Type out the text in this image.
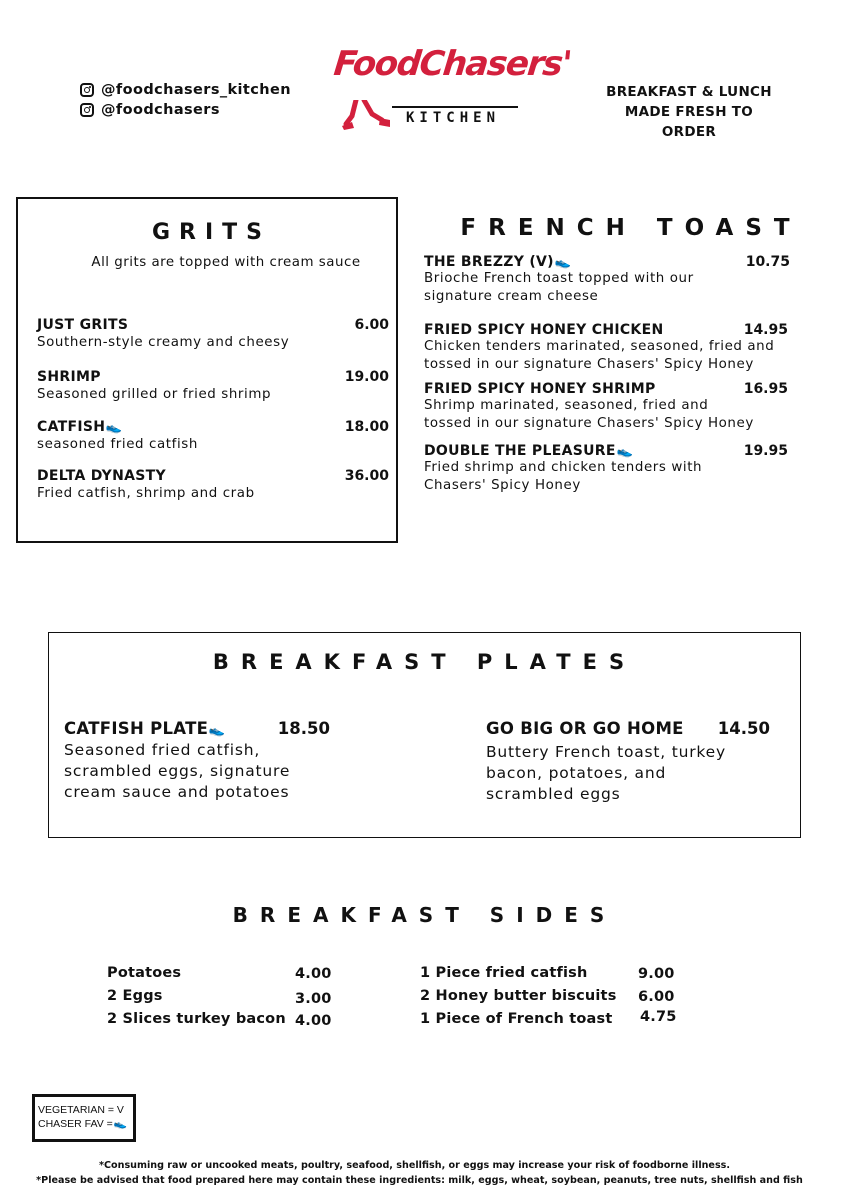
@foodchasers_kitchen
@foodchasers
FoodChasers'
KITCHEN
BREAKFAST & LUNCH
MADE FRESH TO ORDER
GRITS
All grits are topped with cream sauce
JUST GRITS	6.00
Southern-style creamy and cheesy
SHRIMP	19.00
Seasoned grilled or fried shrimp
CATFISH👟	18.00
seasoned fried catfish
DELTA DYNASTY	36.00
Fried catfish, shrimp and crab
FRENCH TOAST
THE BREZZY (V)👟	10.75
Brioche French toast topped with our
signature cream cheese
FRIED SPICY HONEY CHICKEN	14.95
Chicken tenders marinated, seasoned, fried and
tossed in our signature Chasers' Spicy Honey
FRIED SPICY HONEY SHRIMP	16.95
Shrimp marinated, seasoned, fried and
tossed in our signature Chasers' Spicy Honey
DOUBLE THE PLEASURE👟	19.95
Fried shrimp and chicken tenders with
Chasers' Spicy Honey
BREAKFAST PLATES
CATFISH PLATE👟	18.50
Seasoned fried catfish,
scrambled eggs, signature
cream sauce and potatoes
GO BIG OR GO HOME	14.50
Buttery French toast, turkey
bacon, potatoes, and
scrambled eggs
BREAKFAST SIDES
Potatoes	4.00
2 Eggs	3.00
2 Slices turkey bacon 4.00
1 Piece fried catfish	9.00
2 Honey butter biscuits 6.00
1 Piece of French toast 4.75
VEGETARIAN = V
CHASER FAV =👟
*Consuming raw or uncooked meats, poultry, seafood, shellfish, or eggs may increase your risk of foodborne illness.
*Please be advised that food prepared here may contain these ingredients: milk, eggs, wheat, soybean, peanuts, tree nuts, shellfish and fish
